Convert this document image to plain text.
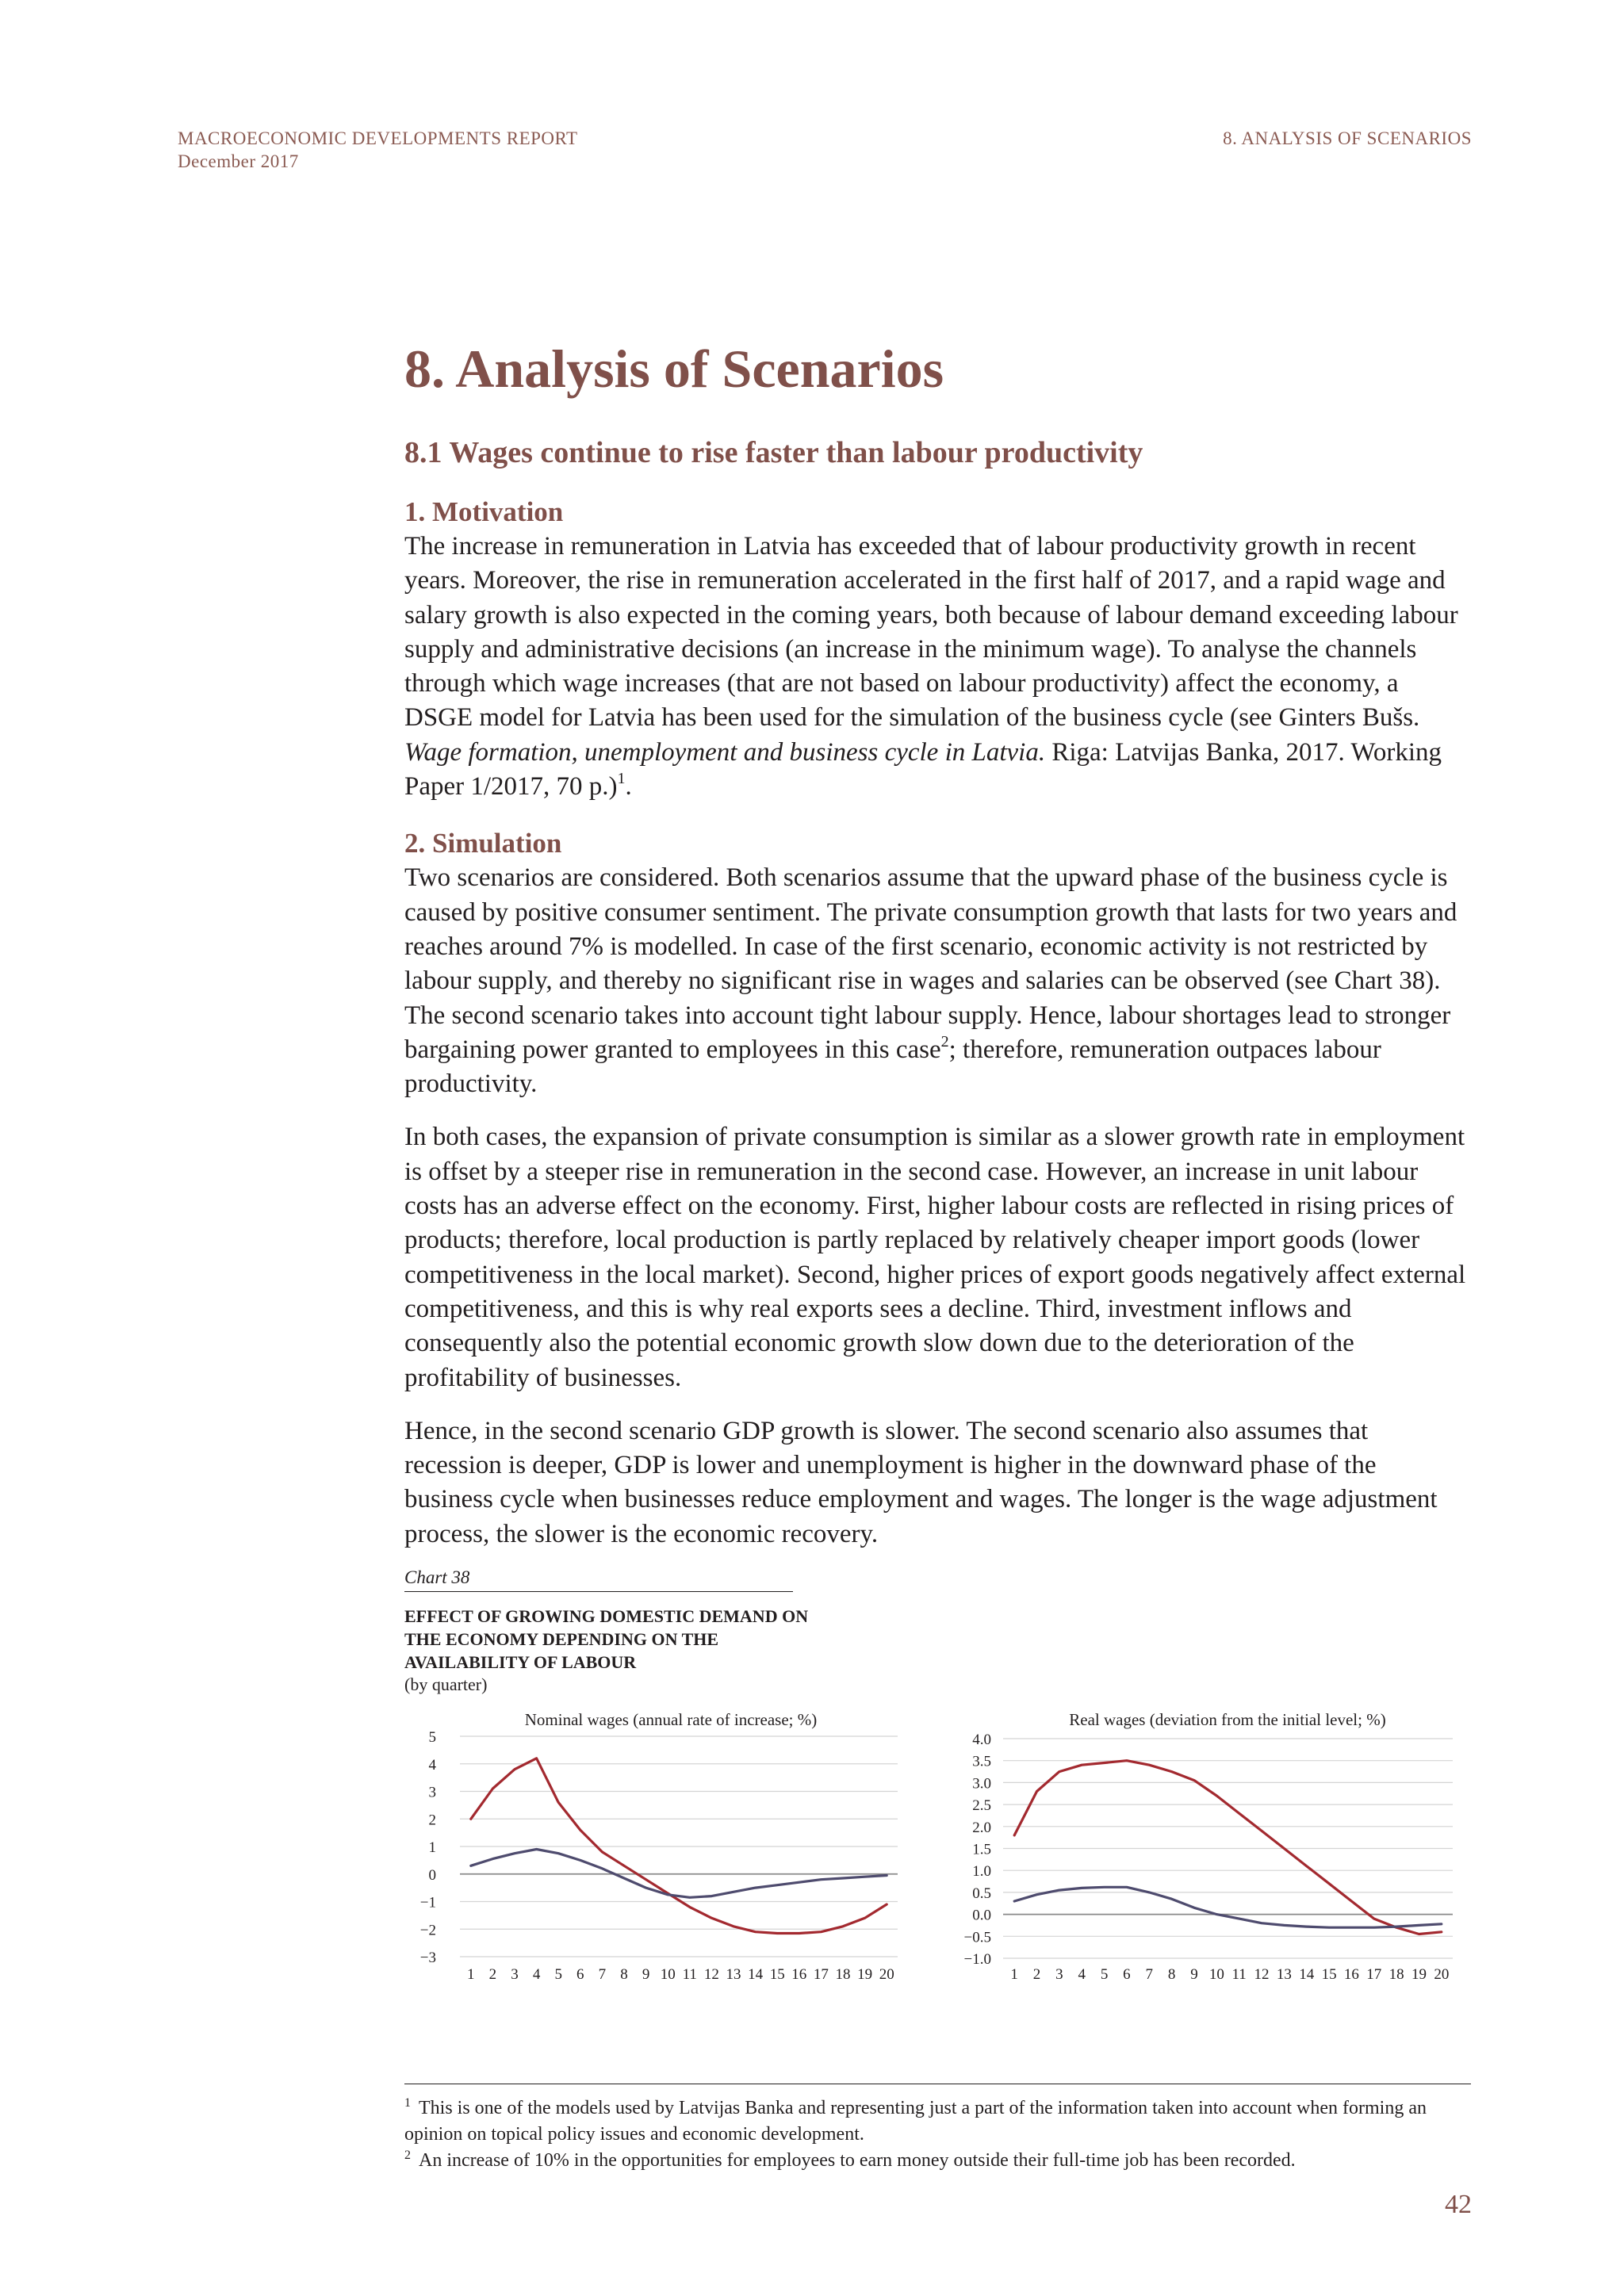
MACROECONOMIC DEVELOPMENTS REPORT
December 2017
8. ANALYSIS OF SCENARIOS
8. Analysis of Scenarios
8.1 Wages continue to rise faster than labour productivity
1. Motivation

The increase in remuneration in Latvia has exceeded that of labour productivity growth in recent years. Moreover, the rise in remuneration accelerated in the first half of 2017, and a rapid wage and salary growth is also expected in the coming years, both because of labour demand exceeding labour supply and administrative decisions (an increase in the minimum wage). To analyse the channels through which wage increases (that are not based on labour productivity) affect the economy, a DSGE model for Latvia has been used for the simulation of the business cycle (see Ginters Bušs. Wage formation, unemployment and business cycle in Latvia. Riga: Latvijas Banka, 2017. Working Paper 1/2017, 70 p.)$^1$.

2. Simulation

Two scenarios are considered. Both scenarios assume that the upward phase of the business cycle is caused by positive consumer sentiment. The private consumption growth that lasts for two years and reaches around 7% is modelled. In case of the first scenario, economic activity is not restricted by labour supply, and thereby no significant rise in wages and salaries can be observed (see Chart 38). The second scenario takes into account tight labour supply. Hence, labour shortages lead to stronger bargaining power granted to employees in this case$^2$; therefore, remuneration outpaces labour productivity.

In both cases, the expansion of private consumption is similar as a slower growth rate in employment is offset by a steeper rise in remuneration in the second case. However, an increase in unit labour costs has an adverse effect on the economy. First, higher labour costs are reflected in rising prices of products; therefore, local production is partly replaced by relatively cheaper import goods (lower competitiveness in the local market). Second, higher prices of export goods negatively affect external competitiveness, and this is why real exports sees a decline. Third, investment inflows and consequently also the potential economic growth slow down due to the deterioration of the profitability of businesses.

Hence, in the second scenario GDP growth is slower. The second scenario also assumes that recession is deeper, GDP is lower and unemployment is higher in the downward phase of the business cycle when businesses reduce employment and wages. The longer is the wage adjustment process, the slower is the economic recovery.

Chart 38
EFFECT OF GROWING DOMESTIC DEMAND ON THE ECONOMY DEPENDING ON THE AVAILABILITY OF LABOUR
(by quarter)
Nominal wages (annual rate of increase; %)
5
4
3
2
1
0
−1
−2
−3
1 2 3 4 5 6 7 8 9 10 11 12 13 14 15 16 17 18 19 20
Real wages (deviation from the initial level; %)
4.0
3.5
3.0
2.5
2.0
1.5
1.0
0.5
0.0
−0.5
−1.0
1 2 3 4 5 6 7 8 9 10 11 12 13 14 15 16 17 18 19 20

$^1$ This is one of the models used by Latvijas Banka and representing just a part of the information taken into account when forming an opinion on topical policy issues and economic development.

$^2$ An increase of 10% in the opportunities for employees to earn money outside their full-time job has been recorded.

42
